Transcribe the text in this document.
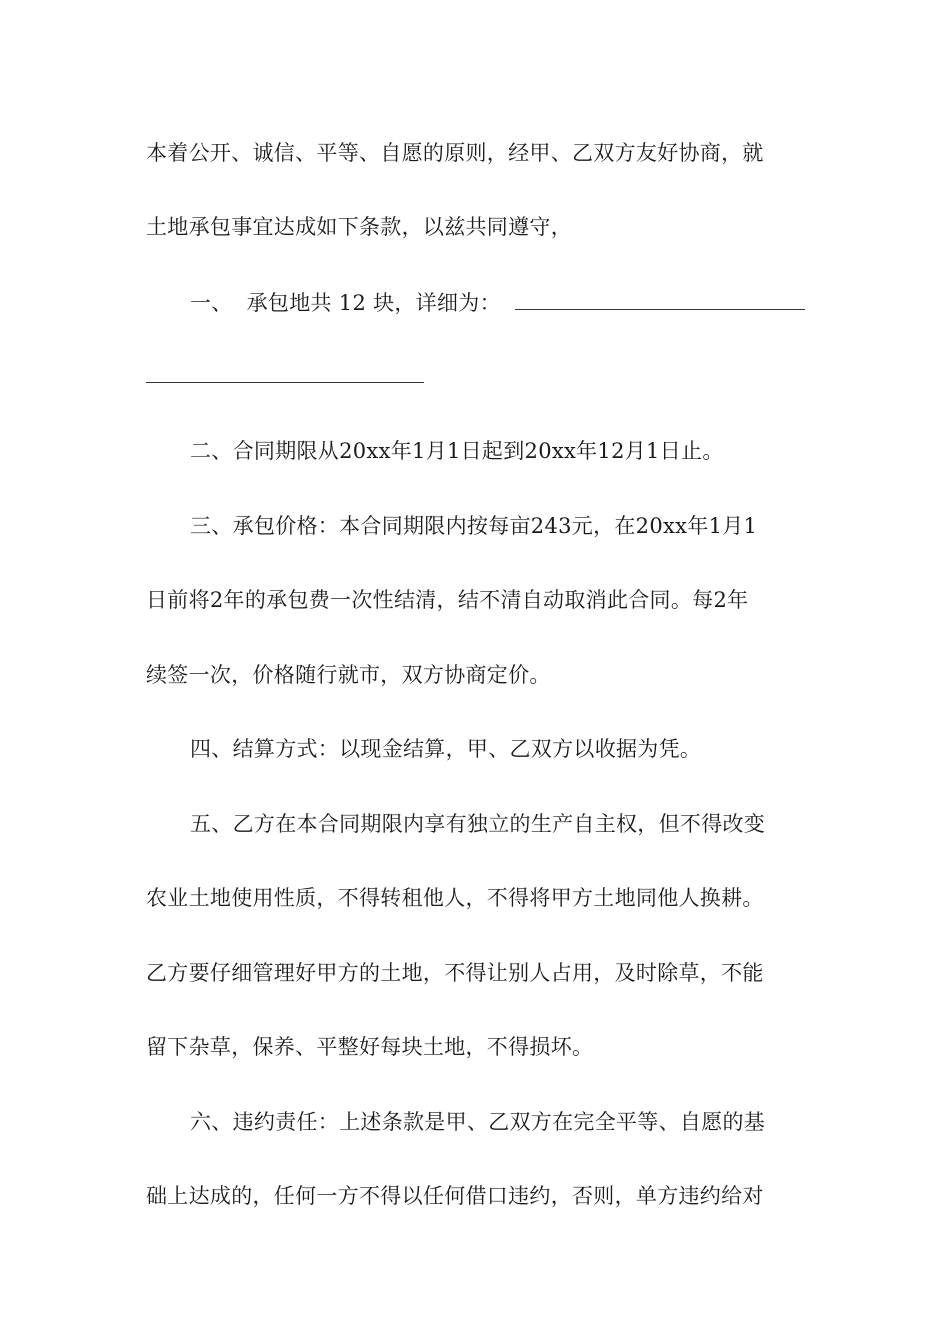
本着公开、诚信、平等、自愿的原则，经甲、乙双方友好协商，就
土地承包事宜达成如下条款，以兹共同遵守，
一、 承包地共 12 块，详细为：
二、合同期限从20xx年1月1日起到20xx年12月1日止。
三、承包价格：本合同期限内按每亩243元，在20xx年1月1
日前将2年的承包费一次性结清，结不清自动取消此合同。每2年
续签一次，价格随行就市，双方协商定价。
四、结算方式：以现金结算，甲、乙双方以收据为凭。
五、乙方在本合同期限内享有独立的生产自主权，但不得改变
农业土地使用性质，不得转租他人，不得将甲方土地同他人换耕。
乙方要仔细管理好甲方的土地，不得让别人占用，及时除草，不能
留下杂草，保养、平整好每块土地，不得损坏。
六、违约责任：上述条款是甲、乙双方在完全平等、自愿的基
础上达成的，任何一方不得以任何借口违约，否则，单方违约给对
